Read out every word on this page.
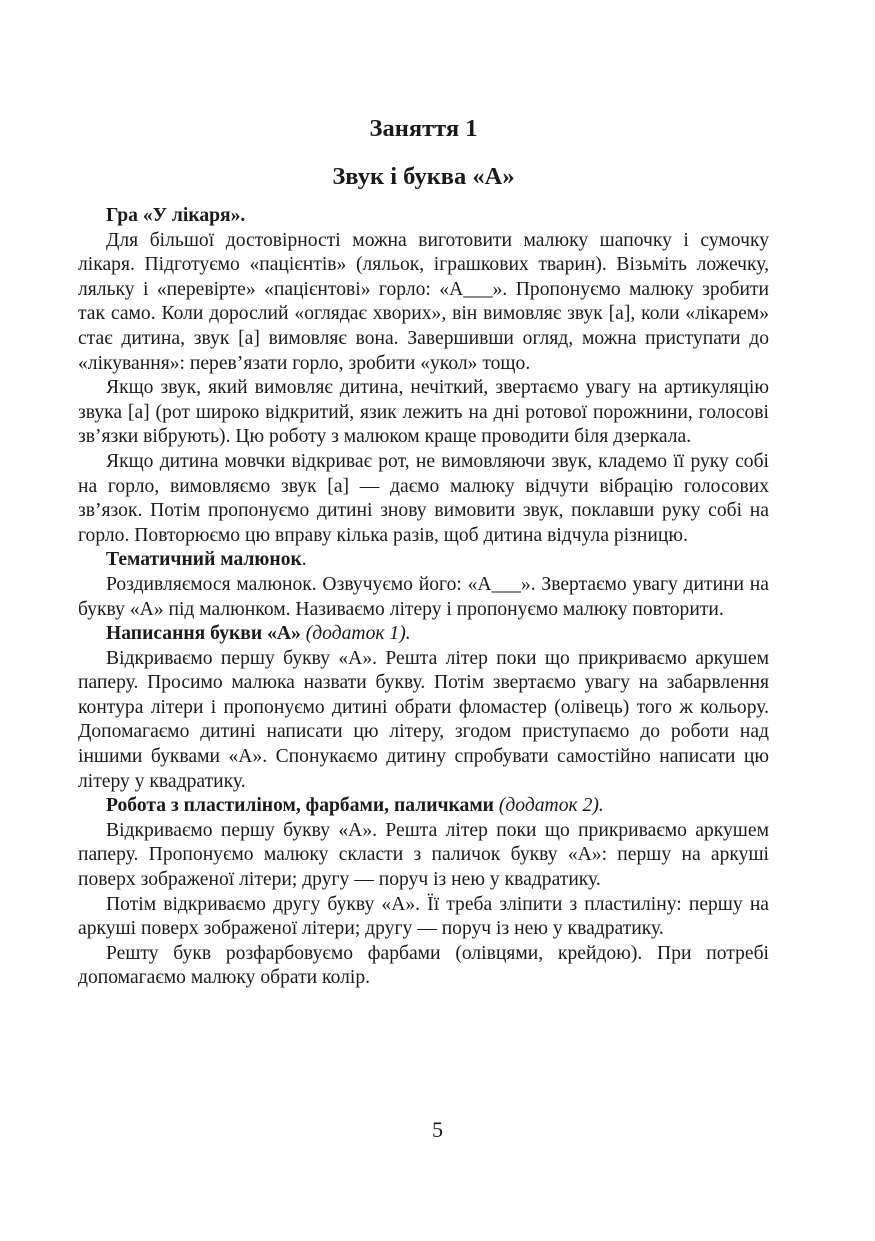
Заняття 1
Звук і буква «А»

Гра «У лікаря».

Для більшої достовірності можна виготовити малюку шапочку і сумочку лікаря. Підготуємо «пацієнтів» (ляльок, іграшкових тварин). Візьміть ложечку, ляльку і «перевірте» «пацієнтові» горло: «А___». Пропонуємо малюку зробити так само. Коли дорослий «оглядає хворих», він вимовляє звук [а], коли «лікарем» стає дитина, звук [а] вимовляє вона. Завершивши огляд, можна приступати до «лікування»: перев’язати горло, зробити «укол» тощо.

Якщо звук, який вимовляє дитина, нечіткий, звертаємо увагу на артикуляцію звука [а] (рот широко відкритий, язик лежить на дні ротової порожнини, голосові зв’язки вібрують). Цю роботу з малюком краще проводити біля дзеркала.

Якщо дитина мовчки відкриває рот, не вимовляючи звук, кладемо її руку собі на горло, вимовляємо звук [а] — даємо малюку відчути вібрацію голосових зв’язок. Потім пропонуємо дитині знову вимовити звук, поклавши руку собі на горло. Повторюємо цю вправу кілька разів, щоб дитина відчула різницю.

Тематичний малюнок.

Роздивляємося малюнок. Озвучуємо його: «А___». Звертаємо увагу дитини на букву «А» під малюнком. Називаємо літеру і пропонуємо малюку повторити.

Написання букви «А» (додаток 1).

Відкриваємо першу букву «А». Решта літер поки що прикриваємо аркушем паперу. Просимо малюка назвати букву. Потім звертаємо увагу на забарвлення контура літери і пропонуємо дитині обрати фломастер (олівець) того ж кольору. Допомагаємо дитині написати цю літеру, згодом приступаємо до роботи над іншими буквами «А». Спонукаємо дитину спробувати самостійно написати цю літеру у квадратику.

Робота з пластиліном, фарбами, паличками (додаток 2).

Відкриваємо першу букву «А». Решта літер поки що прикриваємо аркушем паперу. Пропонуємо малюку скласти з паличок букву «А»: першу на аркуші поверх зображеної літери; другу — поруч із нею у квадратику.

Потім відкриваємо другу букву «А». Її треба зліпити з пластиліну: першу на аркуші поверх зображеної літери; другу — поруч із нею у квадратику.

Решту букв розфарбовуємо фарбами (олівцями, крейдою). При потребі допомагаємо малюку обрати колір.

5
